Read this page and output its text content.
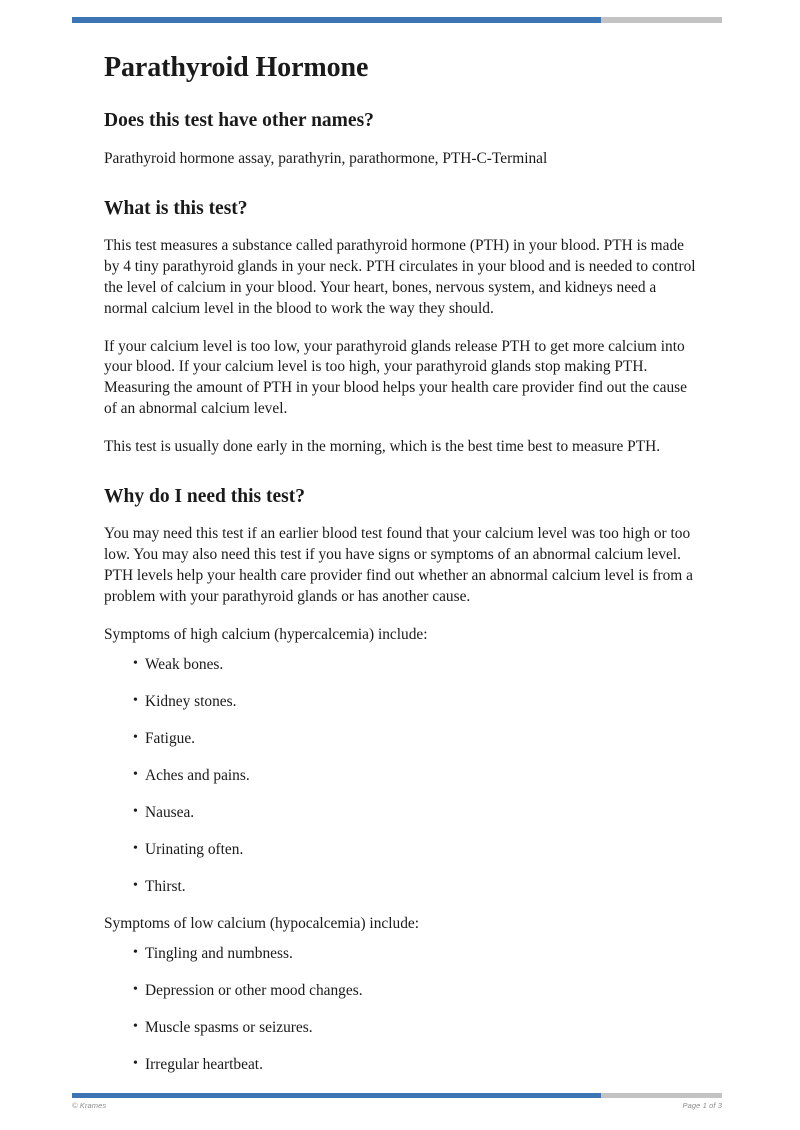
Parathyroid Hormone
Does this test have other names?

Parathyroid hormone assay, parathyrin, parathormone, PTH-C-Terminal

What is this test?

This test measures a substance called parathyroid hormone (PTH) in your blood. PTH is made by 4 tiny parathyroid glands in your neck. PTH circulates in your blood and is needed to control the level of calcium in your blood. Your heart, bones, nervous system, and kidneys need a normal calcium level in the blood to work the way they should.

If your calcium level is too low, your parathyroid glands release PTH to get more calcium into your blood. If your calcium level is too high, your parathyroid glands stop making PTH. Measuring the amount of PTH in your blood helps your health care provider find out the cause of an abnormal calcium level.

This test is usually done early in the morning, which is the best time best to measure PTH.

Why do I need this test?

You may need this test if an earlier blood test found that your calcium level was too high or too low. You may also need this test if you have signs or symptoms of an abnormal calcium level. PTH levels help your health care provider find out whether an abnormal calcium level is from a problem with your parathyroid glands or has another cause.

Symptoms of high calcium (hypercalcemia) include:

• Weak bones.
• Kidney stones.
• Fatigue.
• Aches and pains.
• Nausea.
• Urinating often.
• Thirst.

Symptoms of low calcium (hypocalcemia) include:

• Tingling and numbness.
• Depression or other mood changes.
• Muscle spasms or seizures.
• Irregular heartbeat.
© Krames	Page 1 of 3
